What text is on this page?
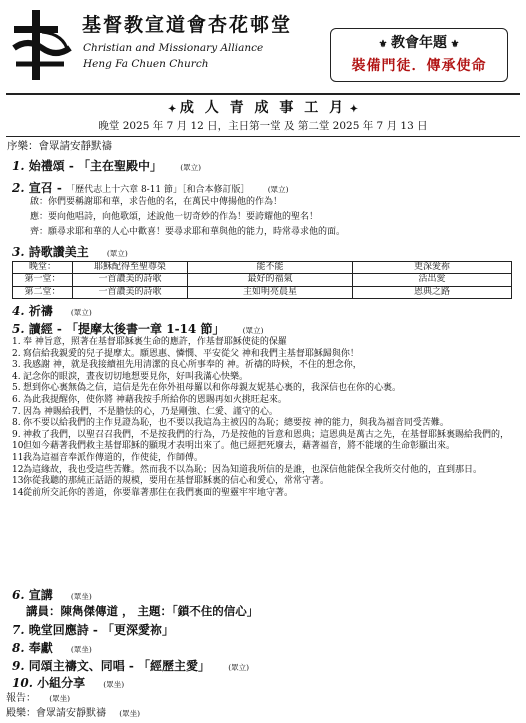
基督教宣道會杏花邨堂
Christian and Missionary Alliance
Heng Fa Chuen Church
⚜ 教會年題 ⚜
裝備門徒．傳承使命
✦ 成 人 青 成 事 工 月 ✦
晚堂 2025 年 7 月 12 日，主日第一堂 及 第二堂 2025 年 7 月 13 日
序樂：會眾請安靜默禱
1. 始禮頌 - 「主在聖殿中」 (眾立)
2. 宣召 - 「歷代志上十六章 8-11 節」［和合本修訂版］ (眾立)
啟：你們要稱謝耶和華，求告他的名，在萬民中傳揚他的作為！
應：要向他唱詩，向他歌頌，述說他一切奇妙的作為！要誇耀他的聖名！
齊：願尋求耶和華的人心中歡喜！要尋求耶和華與他的能力，時常尋求他的面。
3. 詩歌讚美主 (眾立)
晚堂：	耶穌配得至聖尊榮	能不能	更深愛祢
第一堂：	一首讚美的詩歌	最好的福氣	活出愛
第二堂：	一首讚美的詩歌	主如明亮晨星	恩典之路
4. 祈禱 (眾立)
5. 讀經 - 「提摩太後書一章 1-14 節」 (眾立)
1. 奉 神旨意，照著在基督耶穌裏生命的應許，作基督耶穌使徒的保羅
2. 寫信給我親愛的兒子提摩太。願恩惠、憐憫、平安從父 神和我們主基督耶穌歸與你！
3. 我感謝 神，就是我接續祖先用清潔的良心所事奉的 神。祈禱的時候，不住的想念你，
4. 記念你的眼淚，晝夜切切地想要見你，好叫我滿心快樂。
5. 想到你心裏無偽之信，這信是先在你外祖母羅以和你母親友妮基心裏的，我深信也在你的心裏。
6. 為此我提醒你，使你將 神藉我按手所給你的恩賜再如火挑旺起來。
7. 因為 神賜給我們，不是膽怯的心，乃是剛強、仁愛、謹守的心。
8. 你不要以給我們的主作見證為恥，也不要以我這為主被囚的為恥；總要按 神的能力，與我為福音同受苦難。
9. 神救了我們，以聖召召我們，不是按我們的行為，乃是按他的旨意和恩典；這恩典是萬古之先，在基督耶穌裏賜給我們的，
10.
但如今藉著我們救主基督耶穌的顯現才表明出來了。他已經把死廢去，藉著福音，將不能壞的生命彰顯出來。
11.
我為這福音奉派作傳道的，作使徒，作師傅。
12.
為這緣故，我也受這些苦難。然而我不以為恥；因為知道我所信的是誰，也深信他能保全我所交付他的，直到那日。
13.
你從我聽的那純正話語的規模，要用在基督耶穌裏的信心和愛心，常常守著。
14.
從前所交託你的善道，你要靠著那住在我們裏面的聖靈牢牢地守著。
6. 宣講 (眾坐)
講員：陳雋傑傳道 ， 主題：「鎖不住的信心」
7. 晚堂回應詩 - 「更深愛祢」
8. 奉獻 (眾坐)
9. 同頌主禱文、同唱 - 「經歷主愛」 (眾立)
10. 小組分享 (眾坐)
報告： (眾坐)
殿樂：會眾請安靜默禱 (眾坐)
